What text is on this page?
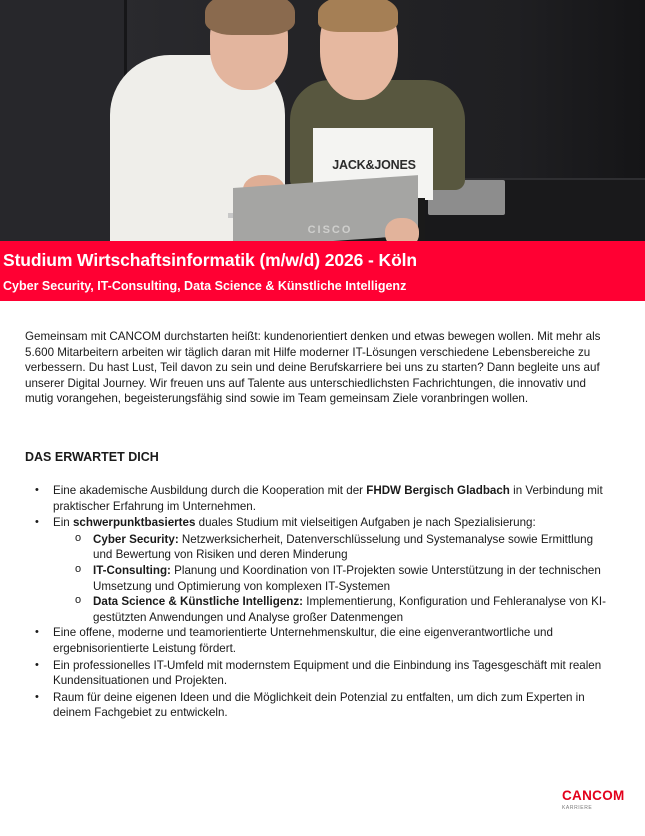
JACK&JONES
CISCO
Studium Wirtschaftsinformatik (m/w/d) 2026 - Köln
Cyber Security, IT-Consulting, Data Science & Künstliche Intelligenz
Gemeinsam mit CANCOM durchstarten heißt: kundenorientiert denken und etwas bewegen wollen. Mit mehr als 5.600 Mitarbeitern arbeiten wir täglich daran mit Hilfe moderner IT-Lösungen verschiedene Lebensbereiche zu verbessern. Du hast Lust, Teil davon zu sein und deine Berufskarriere bei uns zu starten? Dann begleite uns auf unserer Digital Journey. Wir freuen uns auf Talente aus unterschiedlichsten Fachrichtungen, die innovativ und mutig vorangehen, begeisterungsfähig sind sowie im Team gemeinsam Ziele voranbringen wollen.
DAS ERWARTET DICH
• Eine akademische Ausbildung durch die Kooperation mit der FHDW Bergisch Gladbach in Verbindung mit praktischer Erfahrung im Unternehmen.
• Ein schwerpunktbasiertes duales Studium mit vielseitigen Aufgaben je nach Spezialisierung:
o Cyber Security: Netzwerksicherheit, Datenverschlüsselung und Systemanalyse sowie Ermittlung und Bewertung von Risiken und deren Minderung
o IT-Consulting: Planung und Koordination von IT-Projekten sowie Unterstützung in der technischen Umsetzung und Optimierung von komplexen IT-Systemen
o Data Science & Künstliche Intelligenz: Implementierung, Konfiguration und Fehleranalyse von KI-gestützten Anwendungen und Analyse großer Datenmengen
• Eine offene, moderne und teamorientierte Unternehmenskultur, die eine eigenverantwortliche und ergebnisorientierte Leistung fördert.
• Ein professionelles IT-Umfeld mit modernstem Equipment und die Einbindung ins Tagesgeschäft mit realen Kundensituationen und Projekten.
• Raum für deine eigenen Ideen und die Möglichkeit dein Potenzial zu entfalten, um dich zum Experten in deinem Fachgebiet zu entwickeln.
CANCOM
KARRIERE
